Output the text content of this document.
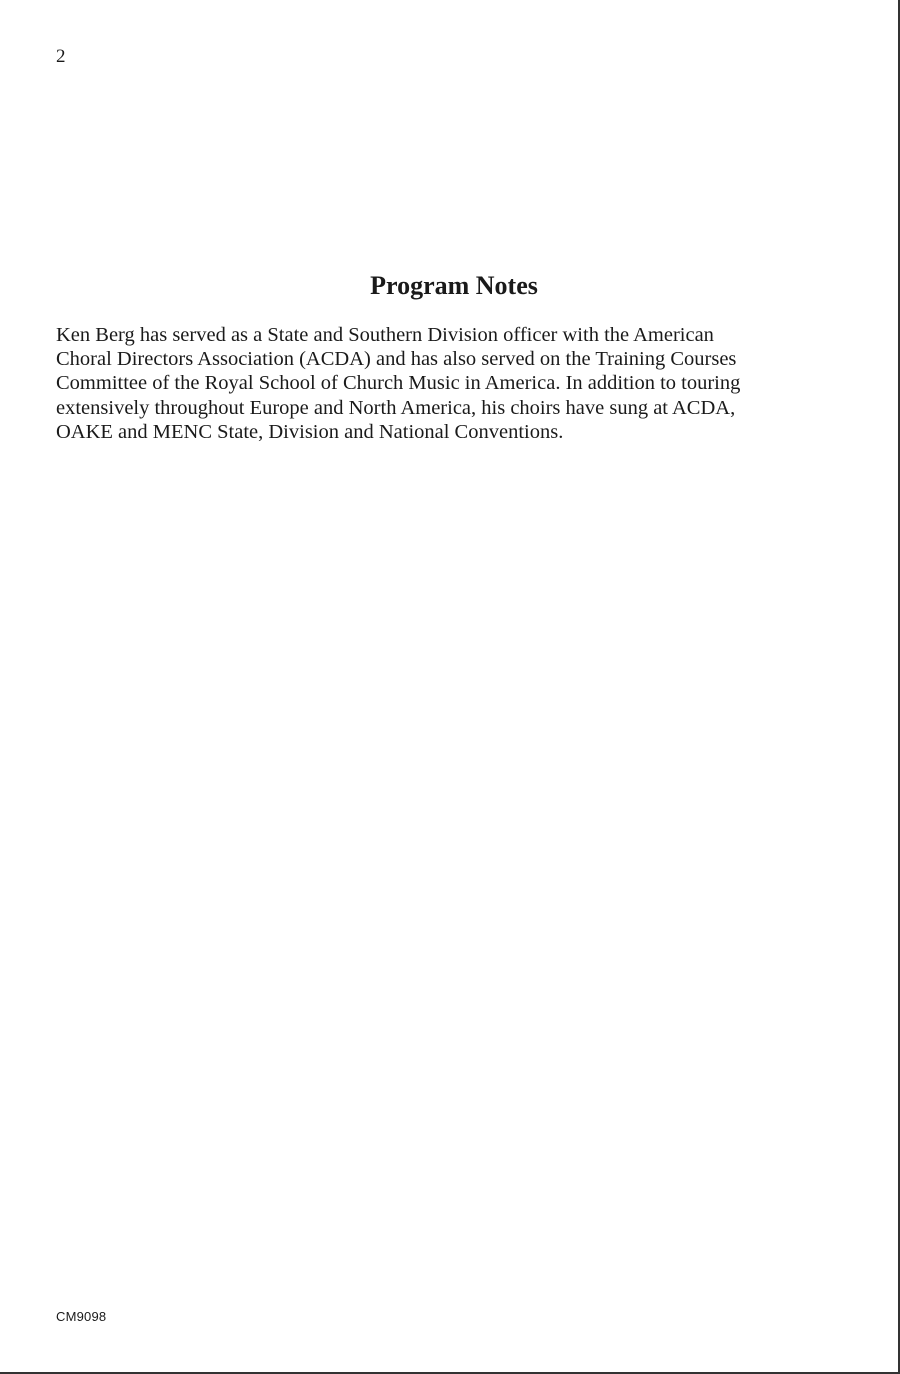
2
Program Notes

Ken Berg has served as a State and Southern Division officer with the American
Choral Directors Association (ACDA) and has also served on the Training Courses
Committee of the Royal School of Church Music in America. In addition to touring
extensively throughout Europe and North America, his choirs have sung at ACDA,
OAKE and MENC State, Division and National Conventions.

CM9098
